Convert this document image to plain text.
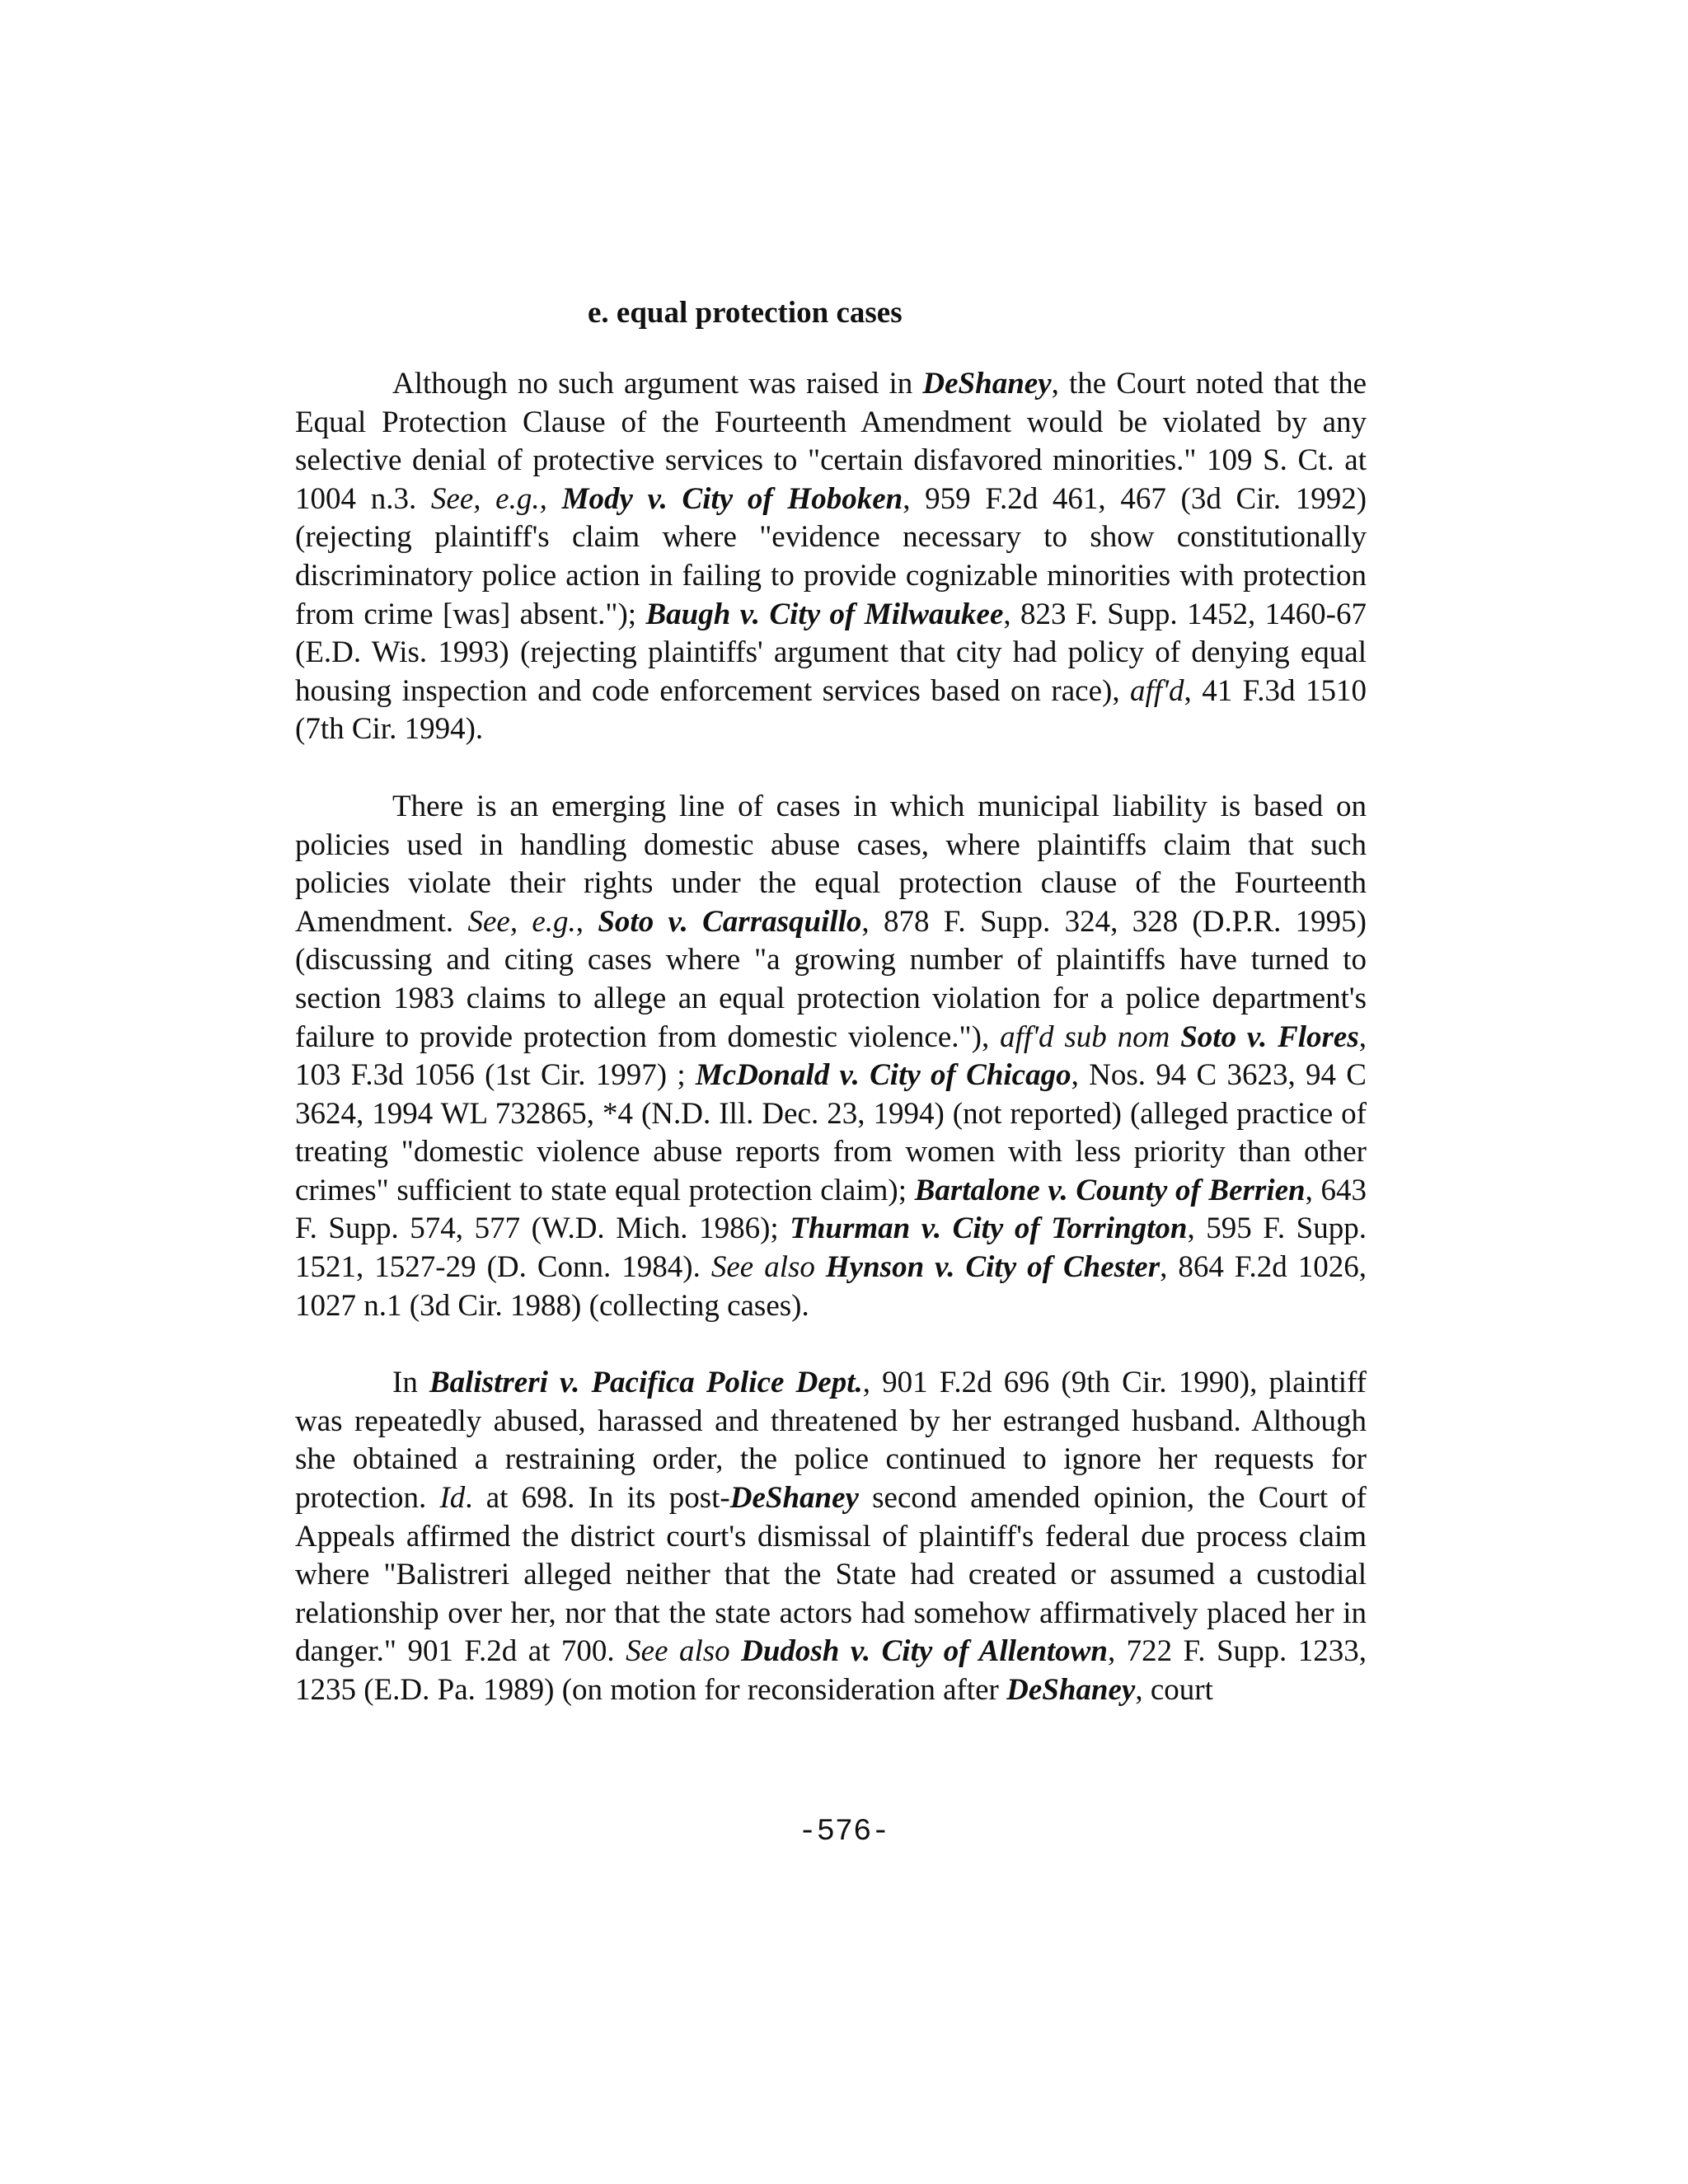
e. equal protection cases

Although no such argument was raised in DeShaney, the Court noted that the Equal Protection Clause of the Fourteenth Amendment would be violated by any selective denial of protective services to "certain disfavored minorities." 109 S. Ct. at 1004 n.3. See, e.g., Mody v. City of Hoboken, 959 F.2d 461, 467 (3d Cir. 1992) (rejecting plaintiff's claim where "evidence necessary to show constitutionally discriminatory police action in failing to provide cognizable minorities with protection from crime [was] absent."); Baugh v. City of Milwaukee, 823 F. Supp. 1452, 1460-67 (E.D. Wis. 1993) (rejecting plaintiffs' argument that city had policy of denying equal housing inspection and code enforcement services based on race), aff'd, 41 F.3d 1510 (7th Cir. 1994).

There is an emerging line of cases in which municipal liability is based on policies used in handling domestic abuse cases, where plaintiffs claim that such policies violate their rights under the equal protection clause of the Fourteenth Amendment. See, e.g., Soto v. Carrasquillo, 878 F. Supp. 324, 328 (D.P.R. 1995) (discussing and citing cases where "a growing number of plaintiffs have turned to section 1983 claims to allege an equal protection violation for a police department's failure to provide protection from domestic violence."), aff'd sub nom Soto v. Flores, 103 F.3d 1056 (1st Cir. 1997) ; McDonald v. City of Chicago, Nos. 94 C 3623, 94 C 3624, 1994 WL 732865, *4 (N.D. Ill. Dec. 23, 1994) (not reported) (alleged practice of treating "domestic violence abuse reports from women with less priority than other crimes" sufficient to state equal protection claim); Bartalone v. County of Berrien, 643 F. Supp. 574, 577 (W.D. Mich. 1986); Thurman v. City of Torrington, 595 F. Supp. 1521, 1527-29 (D. Conn. 1984). See also Hynson v. City of Chester, 864 F.2d 1026, 1027 n.1 (3d Cir. 1988) (collecting cases).

In Balistreri v. Pacifica Police Dept., 901 F.2d 696 (9th Cir. 1990), plaintiff was repeatedly abused, harassed and threatened by her estranged husband. Although she obtained a restraining order, the police continued to ignore her requests for protection. Id. at 698. In its post-DeShaney second amended opinion, the Court of Appeals affirmed the district court's dismissal of plaintiff's federal due process claim where "Balistreri alleged neither that the State had created or assumed a custodial relationship over her, nor that the state actors had somehow affirmatively placed her in danger." 901 F.2d at 700. See also Dudosh v. City of Allentown, 722 F. Supp. 1233, 1235 (E.D. Pa. 1989) (on motion for reconsideration after DeShaney, court

-576-
